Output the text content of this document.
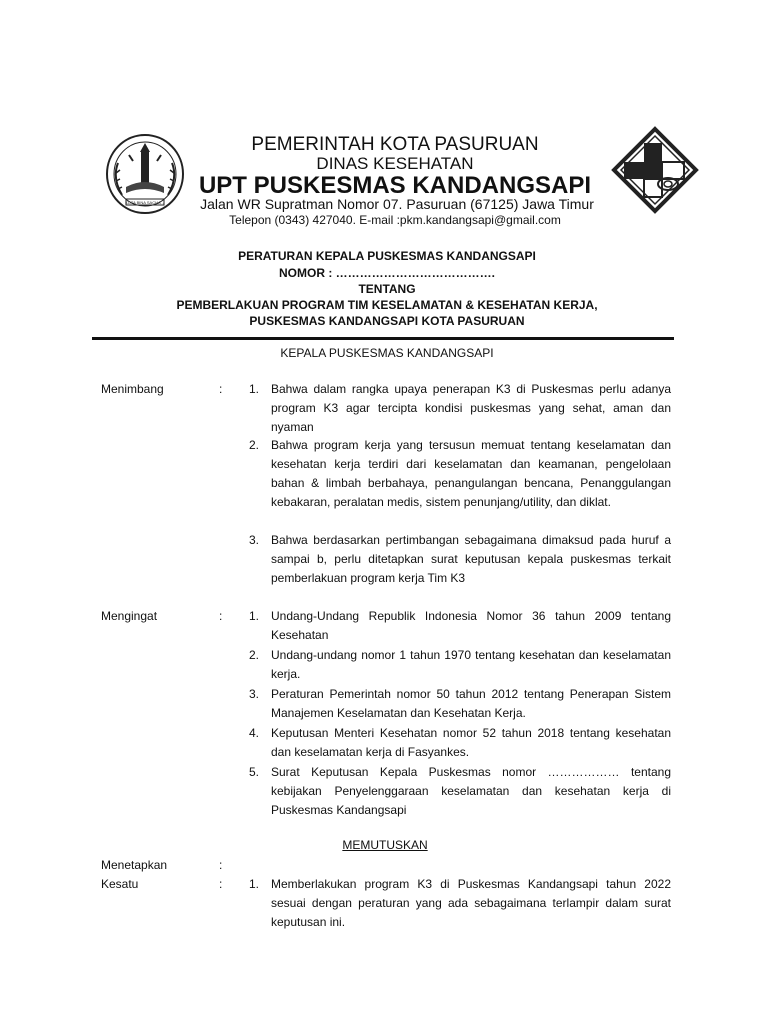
KOTA BINA SACHA ...
PEMERINTAH KOTA PASURUAN
DINAS KESEHATAN
UPT PUSKESMAS KANDANGSAPI
Jalan WR Supratman Nomor 07. Pasuruan (67125) Jawa Timur
Telepon (0343) 427040. E-mail :pkm.kandangsapi@gmail.com
PERATURAN KEPALA PUSKESMAS KANDANGSAPI
NOMOR : ………………………………….
TENTANG
PEMBERLAKUAN PROGRAM TIM KESELAMATAN & KESEHATAN KERJA,
PUSKESMAS KANDANGSAPI KOTA PASURUAN
KEPALA PUSKESMAS KANDANGSAPI
Menimbang	: 1. Bahwa dalam rangka upaya penerapan K3 di Puskesmas perlu adanya program K3 agar tercipta kondisi puskesmas yang sehat, aman dan nyaman
2. Bahwa program kerja yang tersusun memuat tentang keselamatan dan kesehatan kerja terdiri dari keselamatan dan keamanan, pengelolaan bahan & limbah berbahaya, penangulangan bencana, Penanggulangan kebakaran, peralatan medis, sistem penunjang/utility, dan diklat.
3. Bahwa berdasarkan pertimbangan sebagaimana dimaksud pada huruf a sampai b, perlu ditetapkan surat keputusan kepala puskesmas terkait pemberlakuan program kerja Tim K3
Mengingat	: 1. Undang-Undang Republik Indonesia Nomor 36 tahun 2009 tentang Kesehatan
2. Undang-undang nomor 1 tahun 1970 tentang kesehatan dan keselamatan kerja.
3. Peraturan Pemerintah nomor 50 tahun 2012 tentang Penerapan Sistem Manajemen Keselamatan dan Kesehatan Kerja.
4. Keputusan Menteri Kesehatan nomor 52 tahun 2018 tentang kesehatan dan keselamatan kerja di Fasyankes.
5. Surat Keputusan Kepala Puskesmas nomor ……………… tentang kebijakan Penyelenggaraan keselamatan dan kesehatan kerja di Puskesmas Kandangsapi
MEMUTUSKAN
Menetapkan	:
Kesatu	: 1. Memberlakukan program K3 di Puskesmas Kandangsapi tahun 2022 sesuai dengan peraturan yang ada sebagaimana terlampir dalam surat keputusan ini.
